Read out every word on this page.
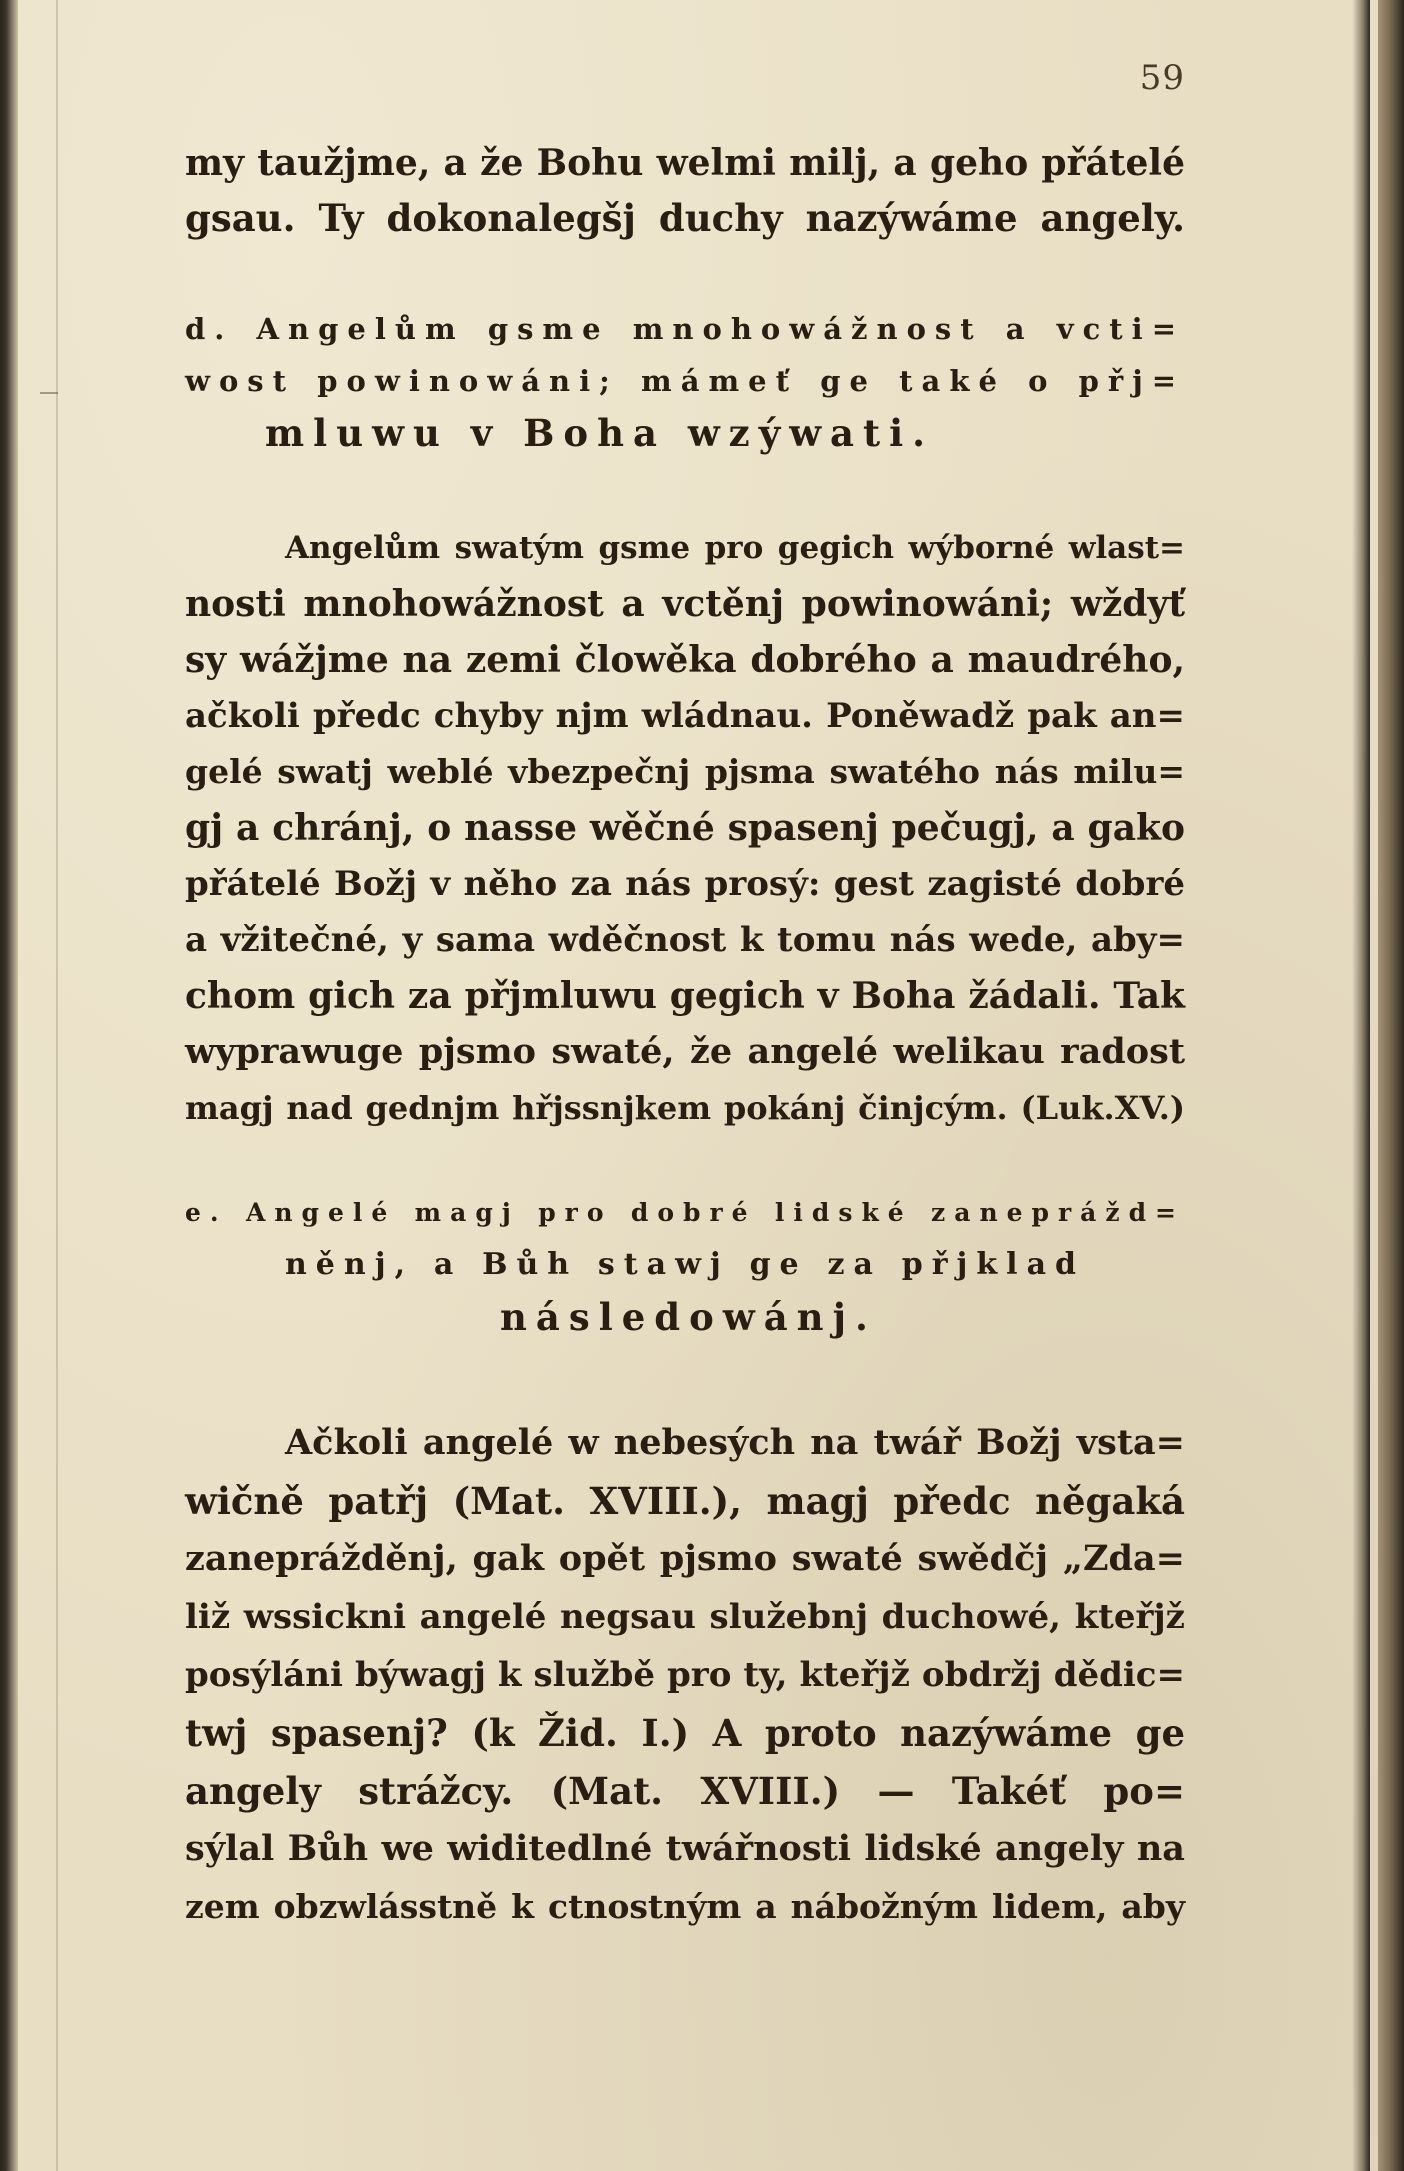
59
my taužjme, a že Bohu welmi milj, a geho přátelé
gsau. Ty dokonalegšj duchy nazýwáme angely.
d. Angelům gsme mnohowážnost a vcti=
wost powinowáni; mámeť ge také o přj=
mluwu v Boha wzýwati.
Angelům swatým gsme pro gegich wýborné wlast=
nosti mnohowážnost a vctěnj powinowáni; wždyť
sy wážjme na zemi člowěka dobrého a maudrého,
ačkoli předc chyby njm wládnau. Poněwadž pak an=
gelé swatj weblé vbezpečnj pjsma swatého nás milu=
gj a chránj, o nasse wěčné spasenj pečugj, a gako
přátelé Božj v něho za nás prosý: gest zagisté dobré
a vžitečné, y sama wděčnost k tomu nás wede, aby=
chom gich za přjmluwu gegich v Boha žádali. Tak
wyprawuge pjsmo swaté, že angelé welikau radost
magj nad gednjm hřjssnjkem pokánj činjcým. (Luk.XV.)
e. Angelé magj pro dobré lidské zaneprážd=
něnj, a Bůh stawj ge za přjklad
následowánj.
Ačkoli angelé w nebesých na twář Božj vsta=
wičně patřj (Mat. XVIII.), magj předc něgaká
zaneprážděnj, gak opět pjsmo swaté swědčj „Zda=
liž wssickni angelé negsau služebnj duchowé, kteřjž
posýláni býwagj k službě pro ty, kteřjž obdržj dědic=
twj spasenj? (k Žid. I.) A proto nazýwáme ge
angely strážcy. (Mat. XVIII.) — Takéť po=
sýlal Bůh we widitedlné twářnosti lidské angely na
zem obzwlásstně k ctnostným a nábožným lidem, aby
